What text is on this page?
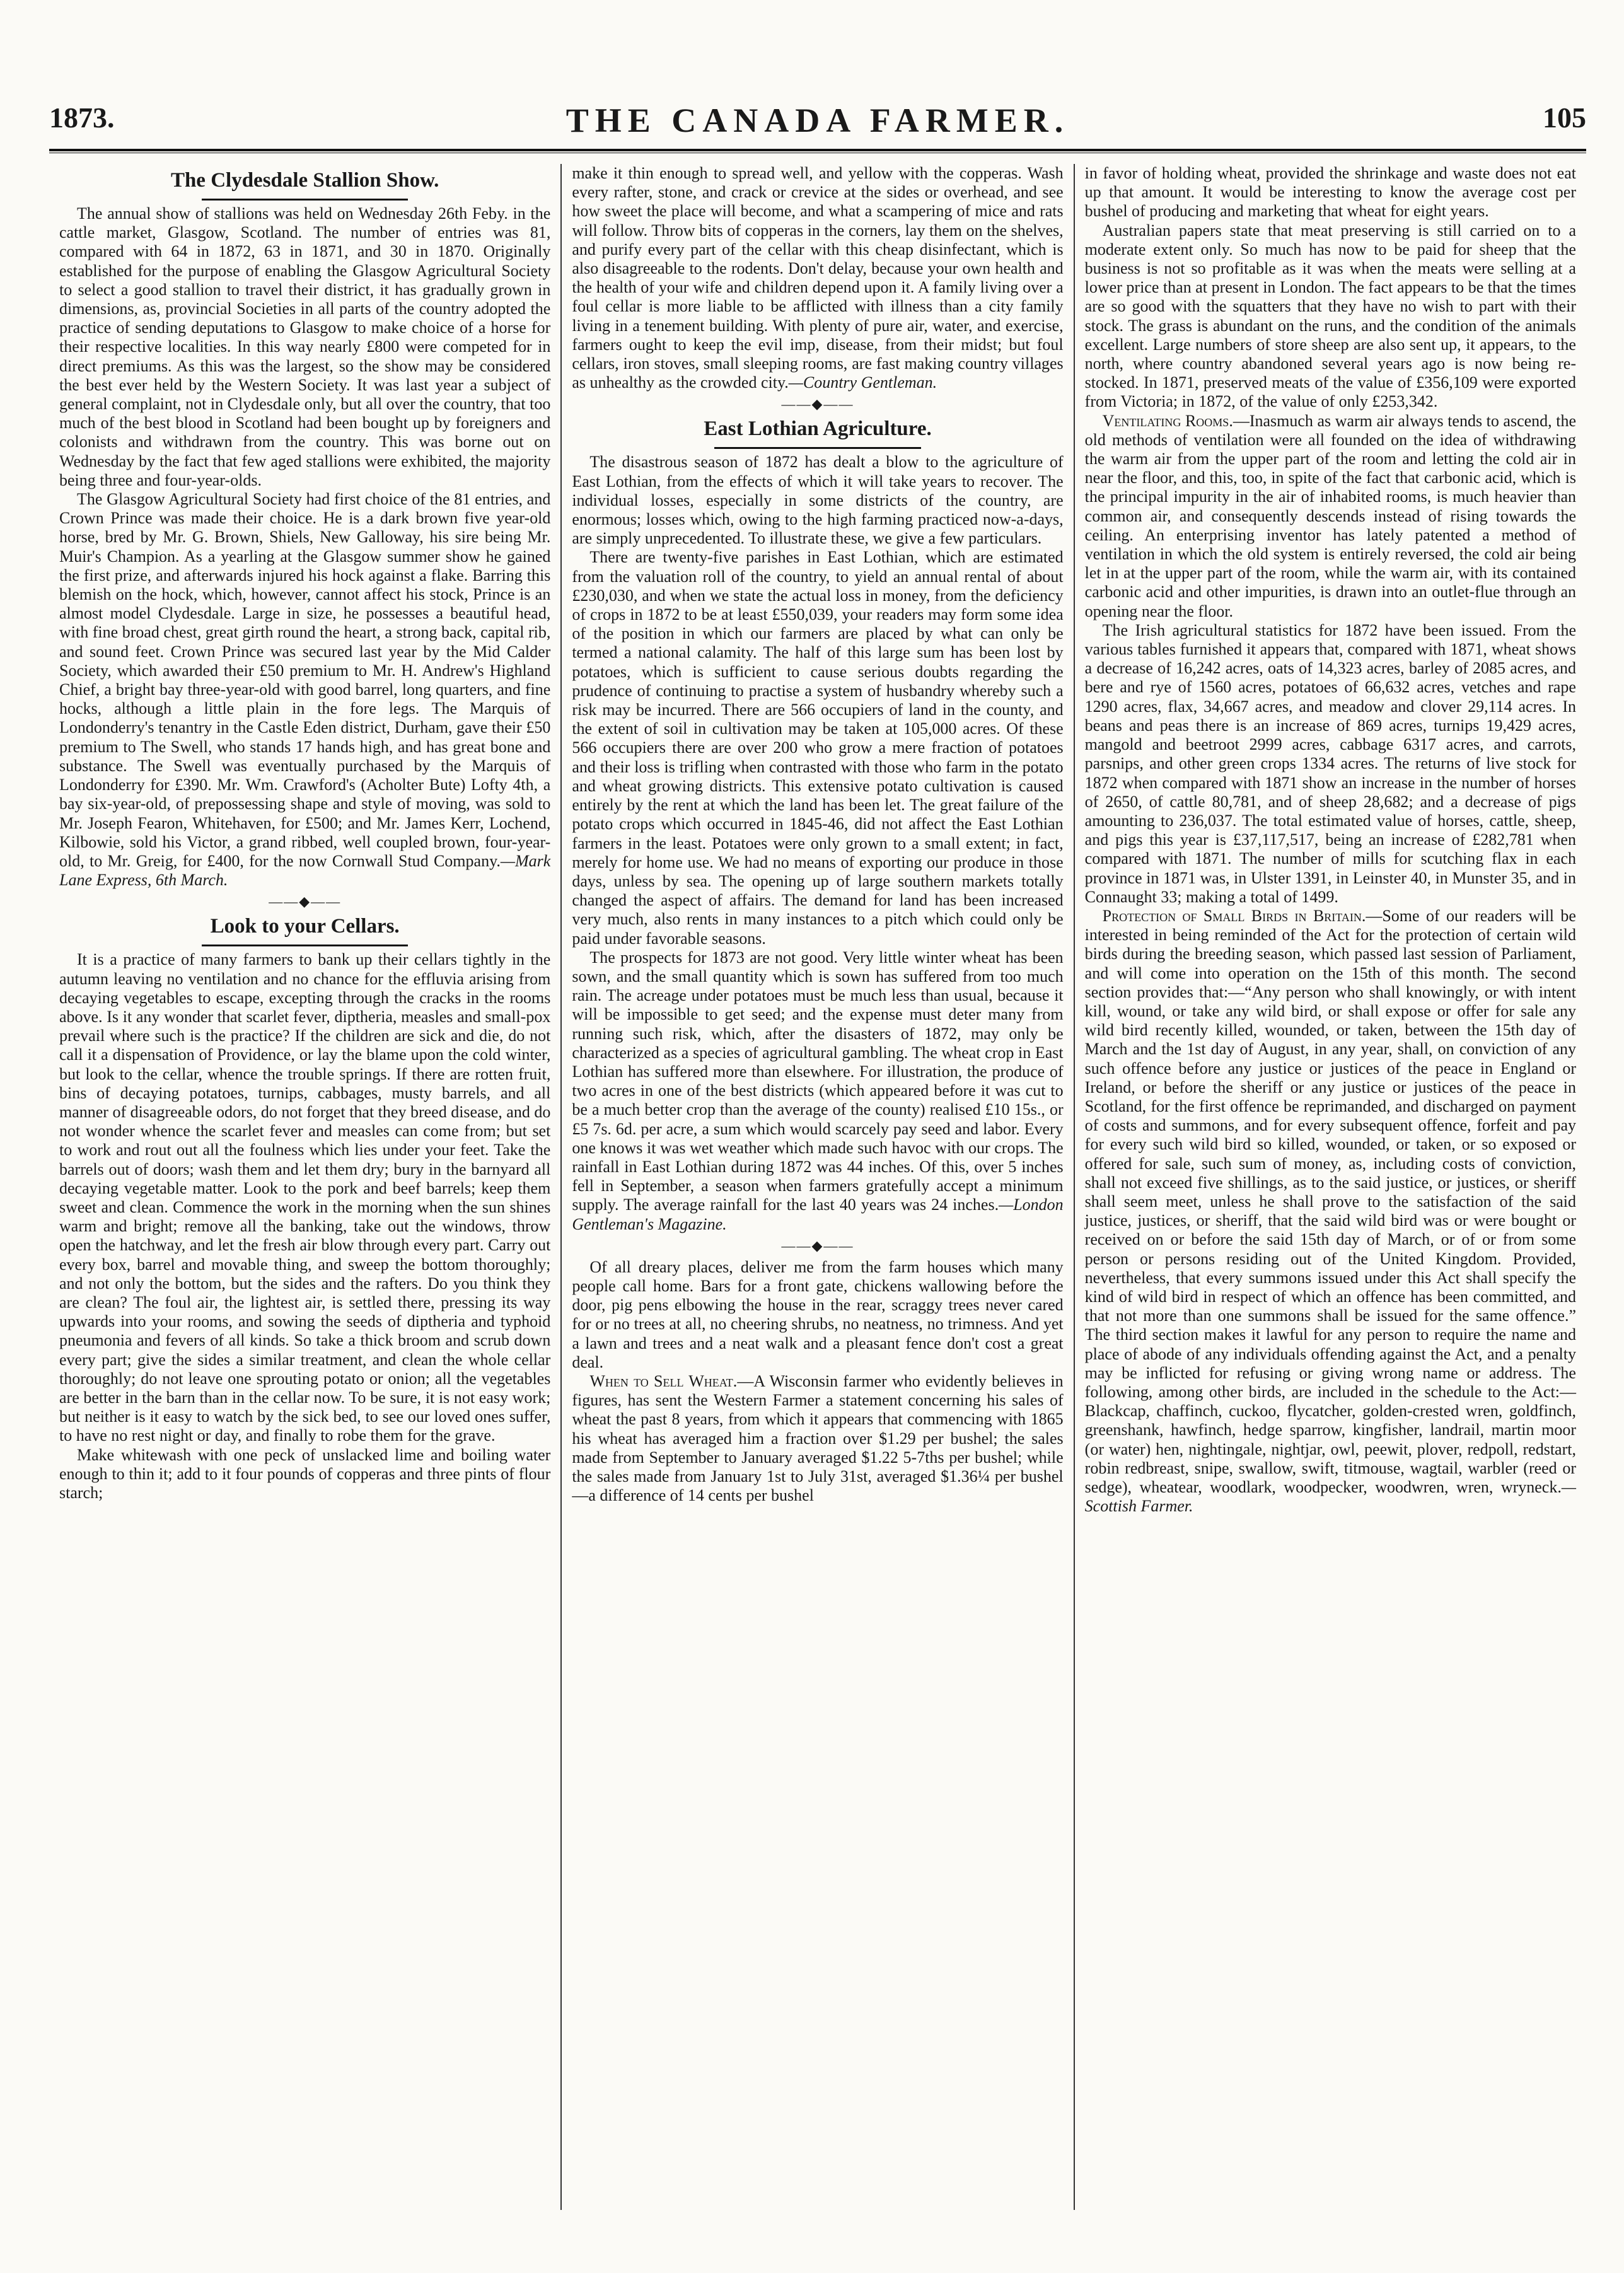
1873.	THE CANADA FARMER.	105
The Clydesdale Stallion Show.

The annual show of stallions was held on Wednesday 26th Feby. in the cattle market, Glasgow, Scotland. The number of entries was 81, compared with 64 in 1872, 63 in 1871, and 30 in 1870. Originally established for the purpose of enabling the Glasgow Agricultural Society to select a good stallion to travel their district, it has gradually grown in dimensions, as, provincial Societies in all parts of the country adopted the practice of sending deputations to Glasgow to make choice of a horse for their respective localities. In this way nearly £800 were competed for in direct premiums. As this was the largest, so the show may be considered the best ever held by the Western Society. It was last year a subject of general complaint, not in Clydesdale only, but all over the country, that too much of the best blood in Scotland had been bought up by foreigners and colonists and withdrawn from the country. This was borne out on Wednesday by the fact that few aged stallions were exhibited, the majority being three and four-year-olds.

The Glasgow Agricultural Society had first choice of the 81 entries, and Crown Prince was made their choice. He is a dark brown five year-old horse, bred by Mr. G. Brown, Shiels, New Galloway, his sire being Mr. Muir's Champion. As a yearling at the Glasgow summer show he gained the first prize, and afterwards injured his hock against a flake. Barring this blemish on the hock, which, however, cannot affect his stock, Prince is an almost model Clydesdale. Large in size, he possesses a beautiful head, with fine broad chest, great girth round the heart, a strong back, capital rib, and sound feet. Crown Prince was secured last year by the Mid Calder Society, which awarded their £50 premium to Mr. H. Andrew's Highland Chief, a bright bay three-year-old with good barrel, long quarters, and fine hocks, although a little plain in the fore legs. The Marquis of Londonderry's tenantry in the Castle Eden district, Durham, gave their £50 premium to The Swell, who stands 17 hands high, and has great bone and substance. The Swell was eventually purchased by the Marquis of Londonderry for £390. Mr. Wm. Crawford's (Acholter Bute) Lofty 4th, a bay six-year-old, of prepossessing shape and style of moving, was sold to Mr. Joseph Fearon, Whitehaven, for £500; and Mr. James Kerr, Lochend, Kilbowie, sold his Victor, a grand ribbed, well coupled brown, four-year-old, to Mr. Greig, for £400, for the now Cornwall Stud Company.—Mark Lane Express, 6th March.

——◆——
Look to your Cellars.

It is a practice of many farmers to bank up their cellars tightly in the autumn leaving no ventilation and no chance for the effluvia arising from decaying vegetables to escape, excepting through the cracks in the rooms above. Is it any wonder that scarlet fever, diptheria, measles and small-pox prevail where such is the practice? If the children are sick and die, do not call it a dispensation of Providence, or lay the blame upon the cold winter, but look to the cellar, whence the trouble springs. If there are rotten fruit, bins of decaying potatoes, turnips, cabbages, musty barrels, and all manner of disagreeable odors, do not forget that they breed disease, and do not wonder whence the scarlet fever and measles can come from; but set to work and rout out all the foulness which lies under your feet. Take the barrels out of doors; wash them and let them dry; bury in the barnyard all decaying vegetable matter. Look to the pork and beef barrels; keep them sweet and clean. Commence the work in the morning when the sun shines warm and bright; remove all the banking, take out the windows, throw open the hatchway, and let the fresh air blow through every part. Carry out every box, barrel and movable thing, and sweep the bottom thoroughly; and not only the bottom, but the sides and the rafters. Do you think they are clean? The foul air, the lightest air, is settled there, pressing its way upwards into your rooms, and sowing the seeds of diptheria and typhoid pneumonia and fevers of all kinds. So take a thick broom and scrub down every part; give the sides a similar treatment, and clean the whole cellar thoroughly; do not leave one sprouting potato or onion; all the vegetables are better in the barn than in the cellar now. To be sure, it is not easy work; but neither is it easy to watch by the sick bed, to see our loved ones suffer, to have no rest night or day, and finally to robe them for the grave.

Make whitewash with one peck of unslacked lime and boiling water enough to thin it; add to it four pounds of copperas and three pints of flour starch;

make it thin enough to spread well, and yellow with the copperas. Wash every rafter, stone, and crack or crevice at the sides or overhead, and see how sweet the place will become, and what a scampering of mice and rats will follow. Throw bits of copperas in the corners, lay them on the shelves, and purify every part of the cellar with this cheap disinfectant, which is also disagreeable to the rodents. Don't delay, because your own health and the health of your wife and children depend upon it. A family living over a foul cellar is more liable to be afflicted with illness than a city family living in a tenement building. With plenty of pure air, water, and exercise, farmers ought to keep the evil imp, disease, from their midst; but foul cellars, iron stoves, small sleeping rooms, are fast making country villages as unhealthy as the crowded city.—Country Gentleman.

——◆——
East Lothian Agriculture.

The disastrous season of 1872 has dealt a blow to the agriculture of East Lothian, from the effects of which it will take years to recover. The individual losses, especially in some districts of the country, are enormous; losses which, owing to the high farming practiced now-a-days, are simply unprecedented. To illustrate these, we give a few particulars.

There are twenty-five parishes in East Lothian, which are estimated from the valuation roll of the country, to yield an annual rental of about £230,030, and when we state the actual loss in money, from the deficiency of crops in 1872 to be at least £550,039, your readers may form some idea of the position in which our farmers are placed by what can only be termed a national calamity. The half of this large sum has been lost by potatoes, which is sufficient to cause serious doubts regarding the prudence of continuing to practise a system of husbandry whereby such a risk may be incurred. There are 566 occupiers of land in the county, and the extent of soil in cultivation may be taken at 105,000 acres. Of these 566 occupiers there are over 200 who grow a mere fraction of potatoes and their loss is trifling when contrasted with those who farm in the potato and wheat growing districts. This extensive potato cultivation is caused entirely by the rent at which the land has been let. The great failure of the potato crops which occurred in 1845-46, did not affect the East Lothian farmers in the least. Potatoes were only grown to a small extent; in fact, merely for home use. We had no means of exporting our produce in those days, unless by sea. The opening up of large southern markets totally changed the aspect of affairs. The demand for land has been increased very much, also rents in many instances to a pitch which could only be paid under favorable seasons.

The prospects for 1873 are not good. Very little winter wheat has been sown, and the small quantity which is sown has suffered from too much rain. The acreage under potatoes must be much less than usual, because it will be impossible to get seed; and the expense must deter many from running such risk, which, after the disasters of 1872, may only be characterized as a species of agricultural gambling. The wheat crop in East Lothian has suffered more than elsewhere. For illustration, the produce of two acres in one of the best districts (which appeared before it was cut to be a much better crop than the average of the county) realised £10 15s., or £5 7s. 6d. per acre, a sum which would scarcely pay seed and labor. Every one knows it was wet weather which made such havoc with our crops. The rainfall in East Lothian during 1872 was 44 inches. Of this, over 5 inches fell in September, a season when farmers gratefully accept a minimum supply. The average rainfall for the last 40 years was 24 inches.—London Gentleman's Magazine.

——◆——

Of all dreary places, deliver me from the farm houses which many people call home. Bars for a front gate, chickens wallowing before the door, pig pens elbowing the house in the rear, scraggy trees never cared for or no trees at all, no cheering shrubs, no neatness, no trimness. And yet a lawn and trees and a neat walk and a pleasant fence don't cost a great deal.

When to Sell Wheat.—A Wisconsin farmer who evidently believes in figures, has sent the Western Farmer a statement concerning his sales of wheat the past 8 years, from which it appears that commencing with 1865 his wheat has averaged him a fraction over $1.29 per bushel; the sales made from September to January averaged $1.22 5-7ths per bushel; while the sales made from January 1st to July 31st, averaged $1.36¼ per bushel—a difference of 14 cents per bushel

in favor of holding wheat, provided the shrinkage and waste does not eat up that amount. It would be interesting to know the average cost per bushel of producing and marketing that wheat for eight years.

Australian papers state that meat preserving is still carried on to a moderate extent only. So much has now to be paid for sheep that the business is not so profitable as it was when the meats were selling at a lower price than at present in London. The fact appears to be that the times are so good with the squatters that they have no wish to part with their stock. The grass is abundant on the runs, and the condition of the animals excellent. Large numbers of store sheep are also sent up, it appears, to the north, where country abandoned several years ago is now being re-stocked. In 1871, preserved meats of the value of £356,109 were exported from Victoria; in 1872, of the value of only £253,342.

Ventilating Rooms.—Inasmuch as warm air always tends to ascend, the old methods of ventilation were all founded on the idea of withdrawing the warm air from the upper part of the room and letting the cold air in near the floor, and this, too, in spite of the fact that carbonic acid, which is the principal impurity in the air of inhabited rooms, is much heavier than common air, and consequently descends instead of rising towards the ceiling. An enterprising inventor has lately patented a method of ventilation in which the old system is entirely reversed, the cold air being let in at the upper part of the room, while the warm air, with its contained carbonic acid and other impurities, is drawn into an outlet-flue through an opening near the floor.

The Irish agricultural statistics for 1872 have been issued. From the various tables furnished it appears that, compared with 1871, wheat shows a decrease of 16,242 acres, oats of 14,323 acres, barley of 2085 acres, and bere and rye of 1560 acres, potatoes of 66,632 acres, vetches and rape 1290 acres, flax, 34,667 acres, and meadow and clover 29,114 acres. In beans and peas there is an increase of 869 acres, turnips 19,429 acres, mangold and beetroot 2999 acres, cabbage 6317 acres, and carrots, parsnips, and other green crops 1334 acres. The returns of live stock for 1872 when compared with 1871 show an increase in the number of horses of 2650, of cattle 80,781, and of sheep 28,682; and a decrease of pigs amounting to 236,037. The total estimated value of horses, cattle, sheep, and pigs this year is £37,117,517, being an increase of £282,781 when compared with 1871. The number of mills for scutching flax in each province in 1871 was, in Ulster 1391, in Leinster 40, in Munster 35, and in Connaught 33; making a total of 1499.

Protection of Small Birds in Britain.—Some of our readers will be interested in being reminded of the Act for the protection of certain wild birds during the breeding season, which passed last session of Parliament, and will come into operation on the 15th of this month. The second section provides that:—“Any person who shall knowingly, or with intent kill, wound, or take any wild bird, or shall expose or offer for sale any wild bird recently killed, wounded, or taken, between the 15th day of March and the 1st day of August, in any year, shall, on conviction of any such offence before any justice or justices of the peace in England or Ireland, or before the sheriff or any justice or justices of the peace in Scotland, for the first offence be reprimanded, and discharged on payment of costs and summons, and for every subsequent offence, forfeit and pay for every such wild bird so killed, wounded, or taken, or so exposed or offered for sale, such sum of money, as, including costs of conviction, shall not exceed five shillings, as to the said justice, or justices, or sheriff shall seem meet, unless he shall prove to the satisfaction of the said justice, justices, or sheriff, that the said wild bird was or were bought or received on or before the said 15th day of March, or of or from some person or persons residing out of the United Kingdom. Provided, nevertheless, that every summons issued under this Act shall specify the kind of wild bird in respect of which an offence has been committed, and that not more than one summons shall be issued for the same offence.” The third section makes it lawful for any person to require the name and place of abode of any individuals offending against the Act, and a penalty may be inflicted for refusing or giving wrong name or address. The following, among other birds, are included in the schedule to the Act:—Blackcap, chaffinch, cuckoo, flycatcher, golden-crested wren, goldfinch, greenshank, hawfinch, hedge sparrow, kingfisher, landrail, martin moor (or water) hen, nightingale, nightjar, owl, peewit, plover, redpoll, redstart, robin redbreast, snipe, swallow, swift, titmouse, wagtail, warbler (reed or sedge), wheatear, woodlark, woodpecker, woodwren, wren, wryneck.—Scottish Farmer.
